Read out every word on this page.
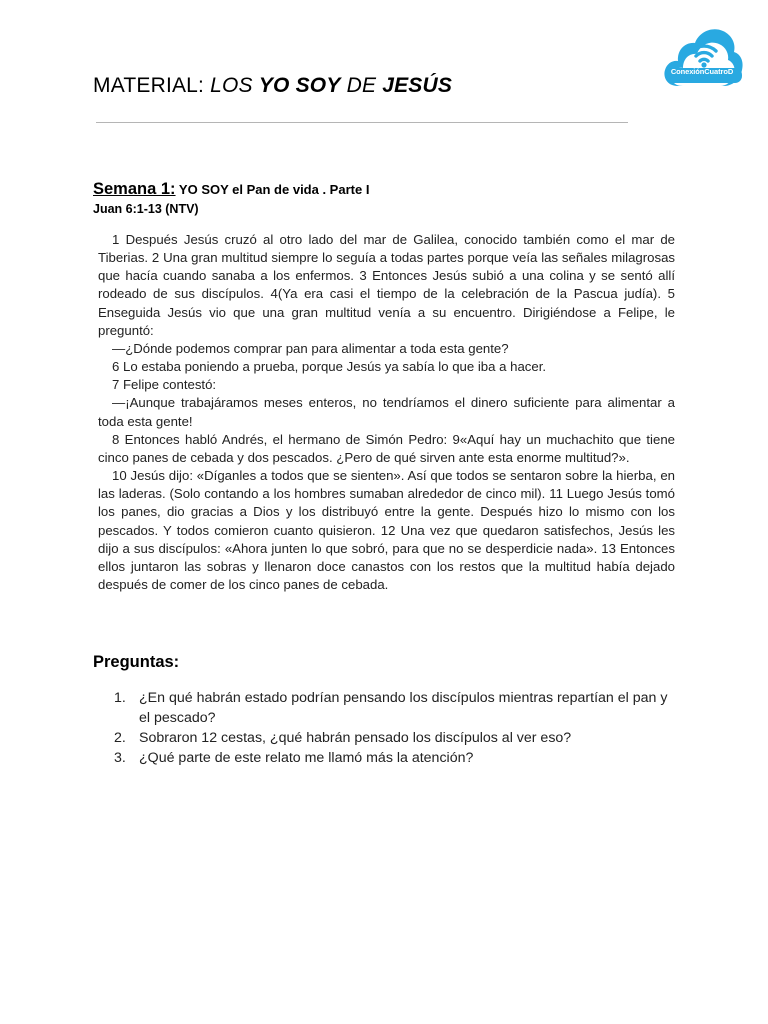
ConexiónCuatroD
MATERIAL: LOS YO SOY DE JESÚS
Semana 1: YO SOY el Pan de vida . Parte I
Juan 6:1-13 (NTV)

1 Después Jesús cruzó al otro lado del mar de Galilea, conocido también como el mar de Tiberias. 2 Una gran multitud siempre lo seguía a todas partes porque veía las señales milagrosas que hacía cuando sanaba a los enfermos. 3 Entonces Jesús subió a una colina y se sentó allí rodeado de sus discípulos. 4(Ya era casi el tiempo de la celebración de la Pascua judía). 5 Enseguida Jesús vio que una gran multitud venía a su encuentro. Dirigiéndose a Felipe, le preguntó:

—¿Dónde podemos comprar pan para alimentar a toda esta gente?

6 Lo estaba poniendo a prueba, porque Jesús ya sabía lo que iba a hacer.

7 Felipe contestó:

—¡Aunque trabajáramos meses enteros, no tendríamos el dinero suficiente para alimentar a toda esta gente!

8 Entonces habló Andrés, el hermano de Simón Pedro: 9«Aquí hay un muchachito que tiene cinco panes de cebada y dos pescados. ¿Pero de qué sirven ante esta enorme multitud?».

10 Jesús dijo: «Díganles a todos que se sienten». Así que todos se sentaron sobre la hierba, en las laderas. (Solo contando a los hombres sumaban alrededor de cinco mil). 11 Luego Jesús tomó los panes, dio gracias a Dios y los distribuyó entre la gente. Después hizo lo mismo con los pescados. Y todos comieron cuanto quisieron. 12 Una vez que quedaron satisfechos, Jesús les dijo a sus discípulos: «Ahora junten lo que sobró, para que no se desperdicie nada». 13 Entonces ellos juntaron las sobras y llenaron doce canastos con los restos que la multitud había dejado después de comer de los cinco panes de cebada.

Preguntas:
1. ¿En qué habrán estado podrían pensando los discípulos mientras repartían el pan y el pescado?
2. Sobraron 12 cestas, ¿qué habrán pensado los discípulos al ver eso?
3. ¿Qué parte de este relato me llamó más la atención?
